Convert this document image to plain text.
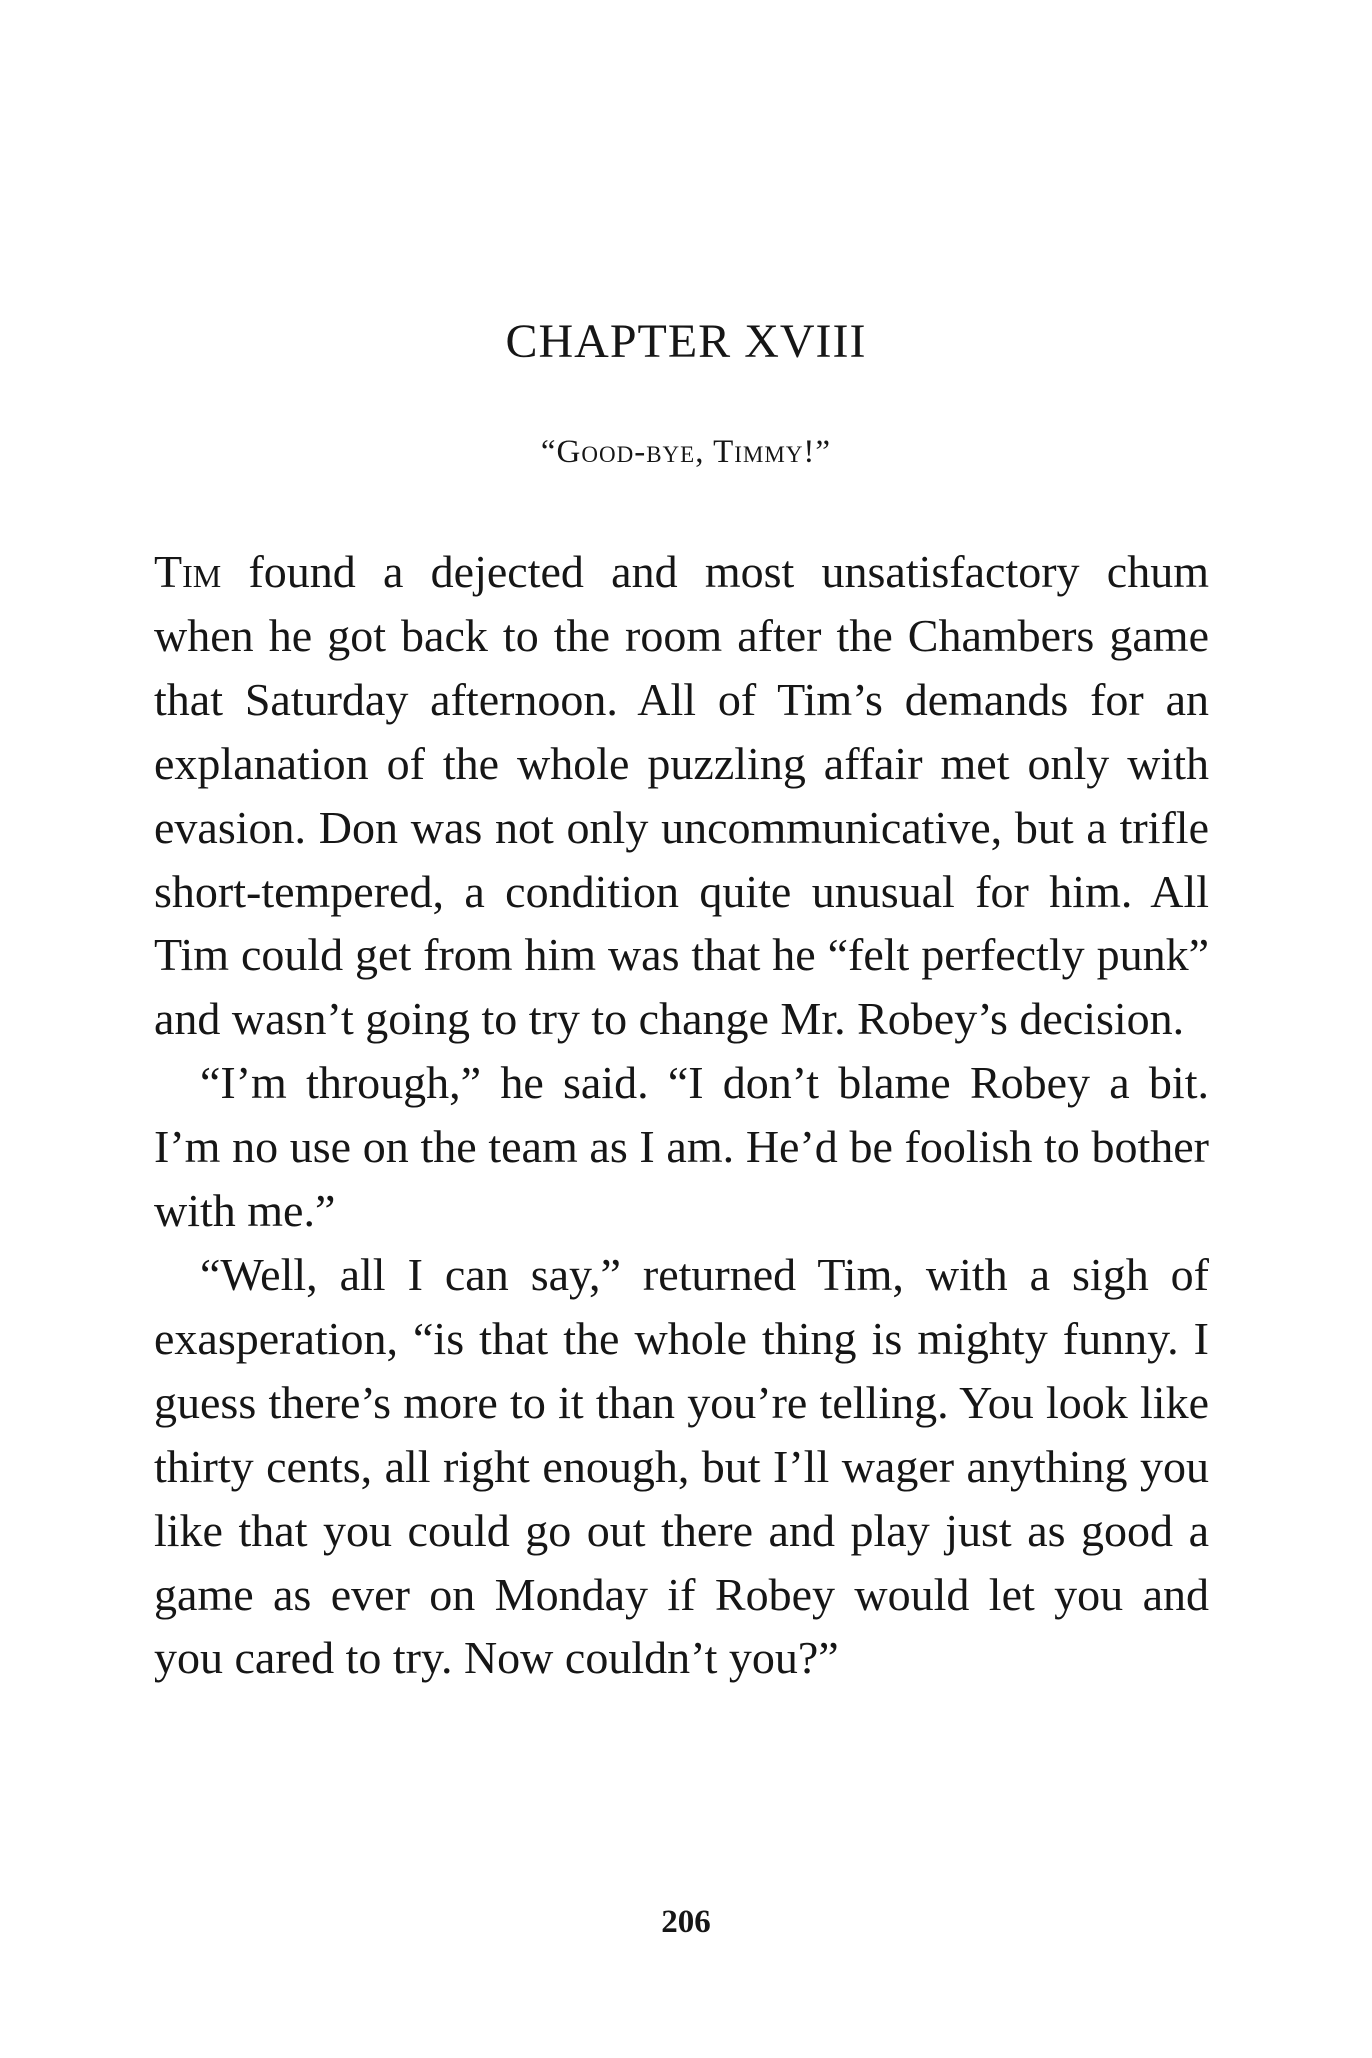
CHAPTER XVIII
“Good-bye, Timmy!”

Tim found a dejected and most unsatisfactory chum when he got back to the room after the Chambers game that Saturday afternoon. All of Tim’s demands for an explanation of the whole puzzling affair met only with evasion. Don was not only uncommunicative, but a trifle short-tempered, a condition quite unusual for him. All Tim could get from him was that he “felt perfectly punk” and wasn’t going to try to change Mr. Robey’s decision.

“I’m through,” he said. “I don’t blame Robey a bit. I’m no use on the team as I am. He’d be foolish to bother with me.”

“Well, all I can say,” returned Tim, with a sigh of exasperation, “is that the whole thing is mighty funny. I guess there’s more to it than you’re telling. You look like thirty cents, all right enough, but I’ll wager anything you like that you could go out there and play just as good a game as ever on Monday if Robey would let you and you cared to try. Now couldn’t you?”

206
